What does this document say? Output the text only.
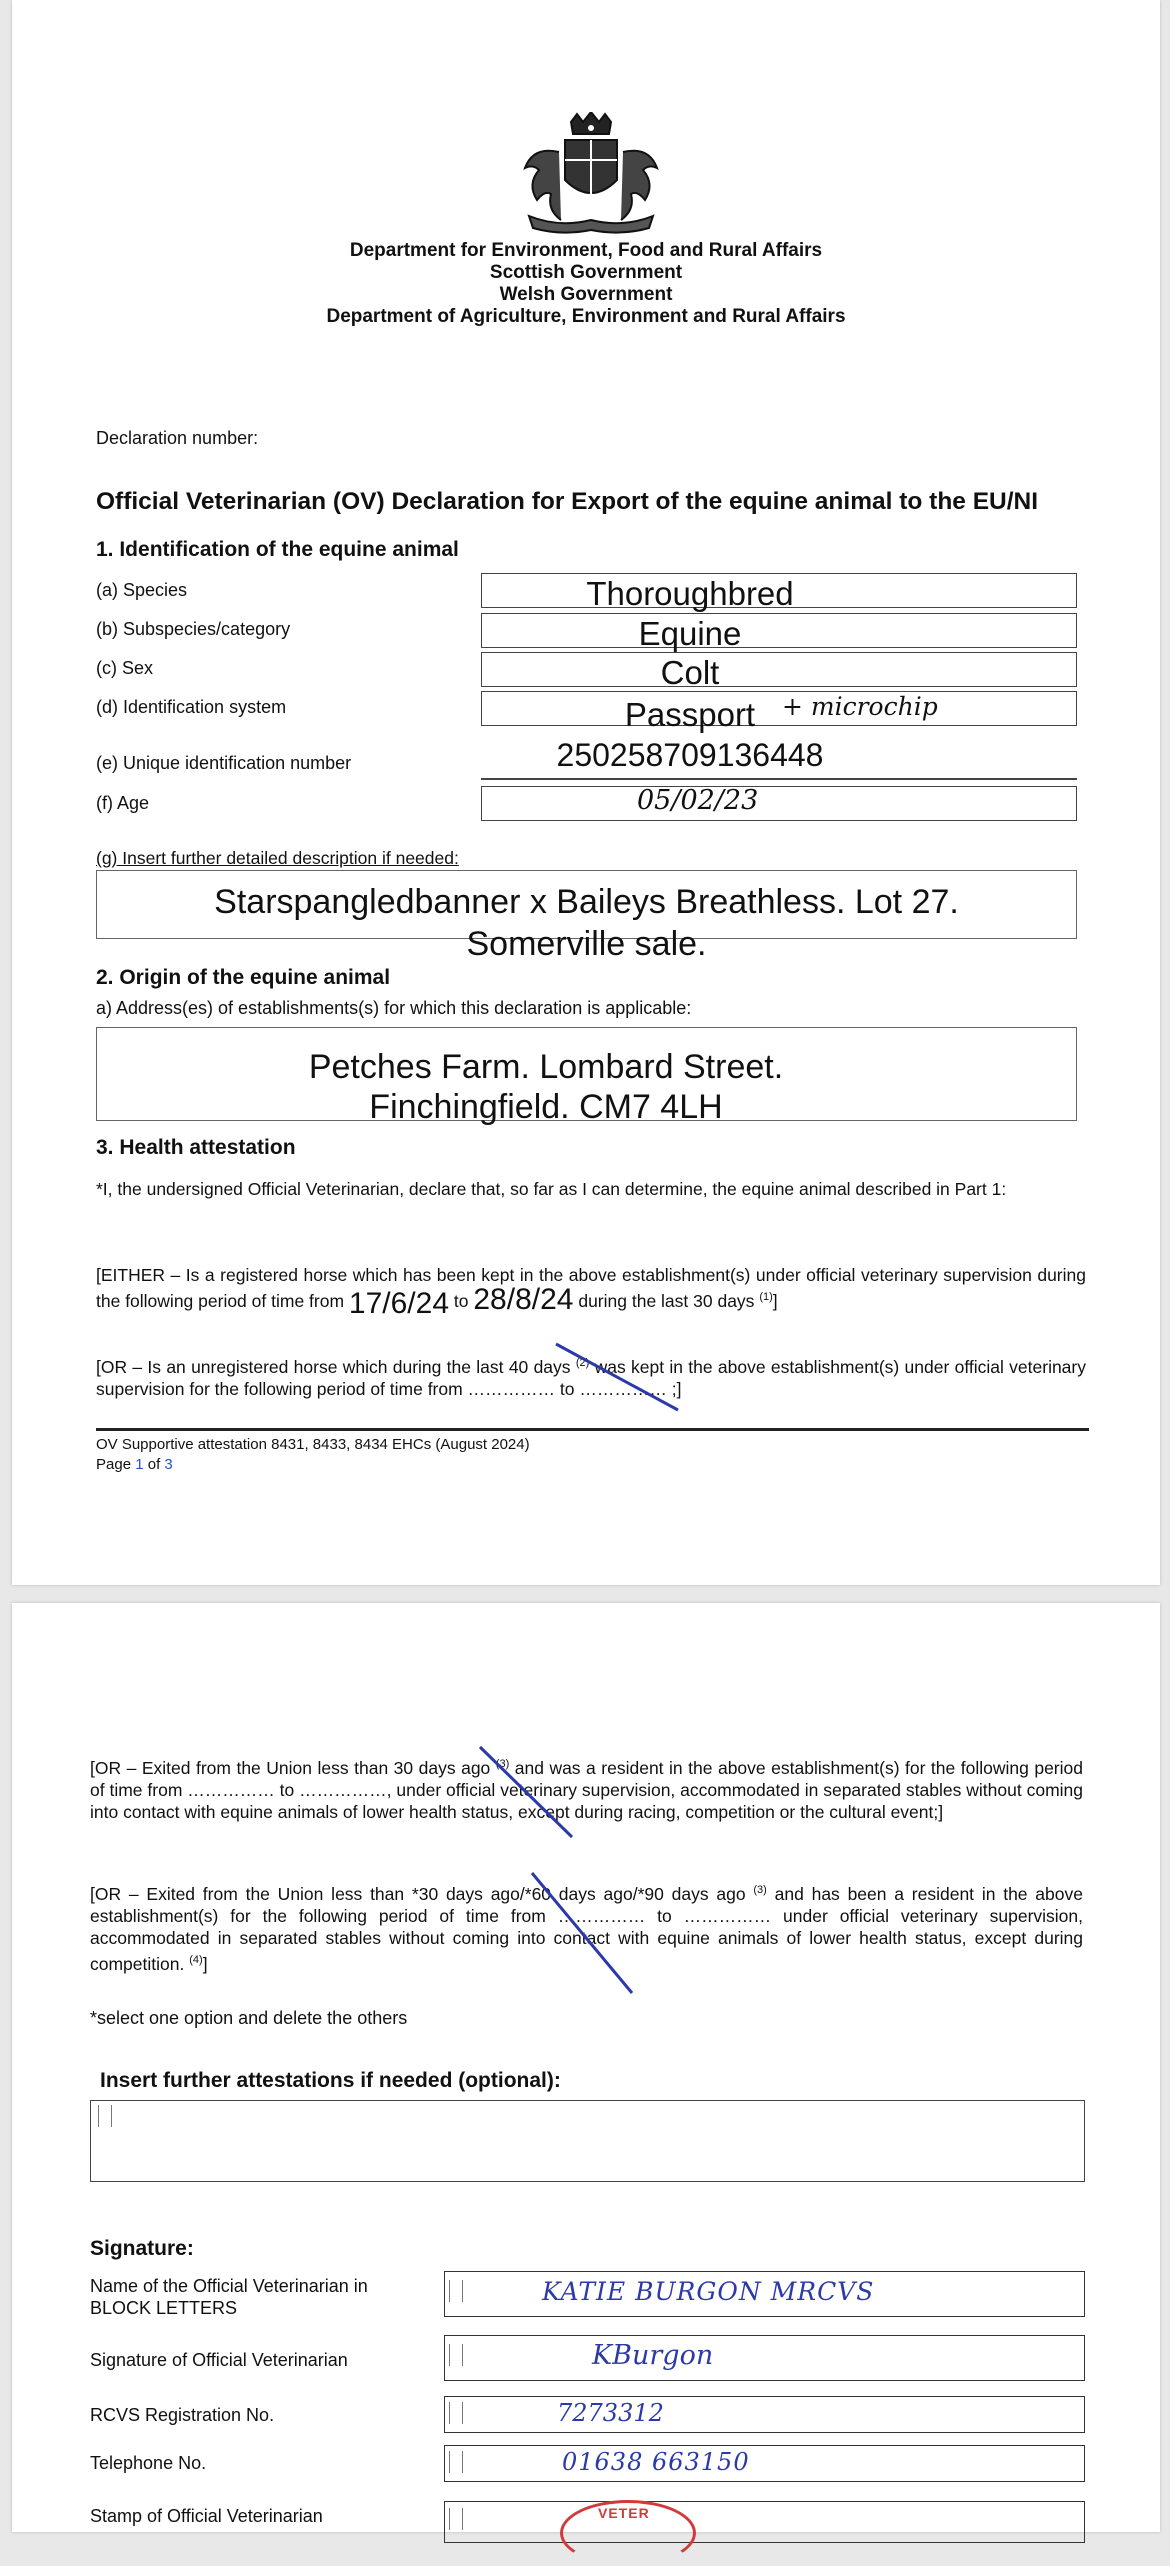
Department for Environment, Food and Rural Affairs
Scottish Government
Welsh Government
Department of Agriculture, Environment and Rural Affairs
Declaration number:
Official Veterinarian (OV) Declaration for Export of the equine animal to the EU/NI
1. Identification of the equine animal
(a) Species	Thoroughbred
(b) Subspecies/category	Equine
(c) Sex	Colt
(d) Identification system	Passport	+ microchip
(e) Unique identification number	250258709136448
(f) Age	05/02/23
(g) Insert further detailed description if needed:
Starspangledbanner x Baileys Breathless. Lot 27.
Somerville sale.
2. Origin of the equine animal
a) Address(es) of establishments(s) for which this declaration is applicable:
Petches Farm. Lombard Street.
Finchingfield. CM7 4LH
3. Health attestation
*I, the undersigned Official Veterinarian, declare that, so far as I can determine, the equine animal described in Part 1:
[EITHER – Is a registered horse which has been kept in the above establishment(s) under official veterinary supervision during the following period of time from 17/6/24 to 28/8/24 during the last 30 days $^{(1)}$]
[OR – Is an unregistered horse which during the last 40 days $^{(2)}$ was kept in the above establishment(s) under official veterinary supervision for the following period of time from …………… to …………… ;]
OV Supportive attestation 8431, 8433, 8434 EHCs (August 2024)
Page 1 of 3
[OR – Exited from the Union less than 30 days ago $^{(3)}$ and was a resident in the above establishment(s) for the following period of time from …………… to ……………, under official veterinary supervision, accommodated in separated stables without coming into contact with equine animals of lower health status, except during racing, competition or the cultural event;]
[OR – Exited from the Union less than *30 days ago/*60 days ago/*90 days ago $^{(3)}$ and has been a resident in the above establishment(s) for the following period of time from …………… to …………… under official veterinary supervision, accommodated in separated stables without coming into contact with equine animals of lower health status, except during competition. $^{(4)}$]
*select one option and delete the others
Insert further attestations if needed (optional):
Signature:
Name of the Official Veterinarian in
BLOCK LETTERS
KATIE BURGON MRCVS
Signature of Official Veterinarian	KBurgon
RCVS Registration No.	7273312
Telephone No.	01638 663150
Stamp of Official Veterinarian	VETER
